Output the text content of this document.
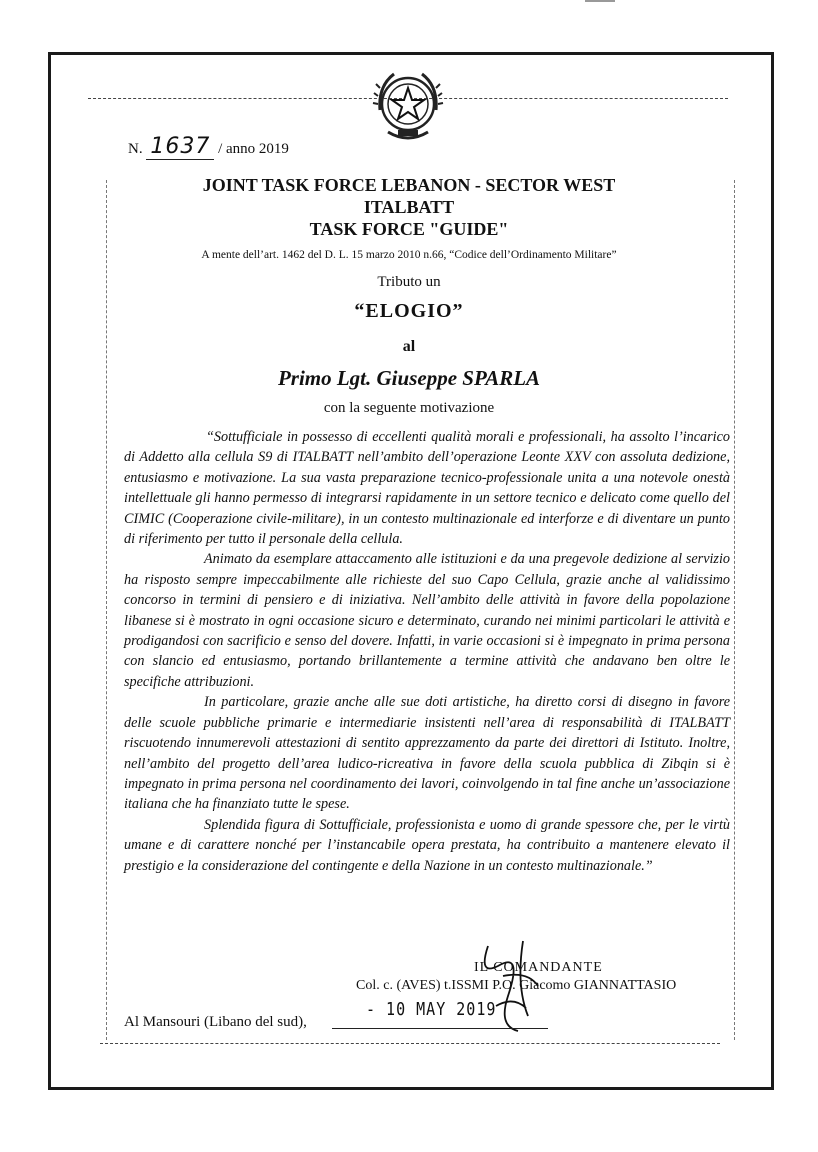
N. 1637 / anno 2019
JOINT TASK FORCE LEBANON - SECTOR WEST
ITALBATT
TASK FORCE "GUIDE"
A mente dell’art. 1462 del D. L. 15 marzo 2010 n.66, “Codice dell’Ordinamento Militare”
Tributo un
“ELOGIO”
al
Primo Lgt. Giuseppe SPARLA
con la seguente motivazione

“Sottufficiale in possesso di eccellenti qualità morali e professionali, ha assolto l’incarico di Addetto alla cellula S9 di ITALBATT nell’ambito dell’operazione Leonte XXV con assoluta dedizione, entusiasmo e motivazione. La sua vasta preparazione tecnico-professionale unita a una notevole onestà intellettuale gli hanno permesso di integrarsi rapidamente in un settore tecnico e delicato come quello del CIMIC (Cooperazione civile-militare), in un contesto multinazionale ed interforze e di diventare un punto di riferimento per tutto il personale della cellula.

Animato da esemplare attaccamento alle istituzioni e da una pregevole dedizione al servizio ha risposto sempre impeccabilmente alle richieste del suo Capo Cellula, grazie anche al validissimo concorso in termini di pensiero e di iniziativa. Nell’ambito delle attività in favore della popolazione libanese si è mostrato in ogni occasione sicuro e determinato, curando nei minimi particolari le attività e prodigandosi con sacrificio e senso del dovere. Infatti, in varie occasioni si è impegnato in prima persona con slancio ed entusiasmo, portando brillantemente a termine attività che andavano ben oltre le specifiche attribuzioni.

In particolare, grazie anche alle sue doti artistiche, ha diretto corsi di disegno in favore delle scuole pubbliche primarie e intermediarie insistenti nell’area di responsabilità di ITALBATT riscuotendo innumerevoli attestazioni di sentito apprezzamento da parte dei direttori di Istituto. Inoltre, nell’ambito del progetto dell’area ludico-ricreativa in favore della scuola pubblica di Zibqin si è impegnato in prima persona nel coordinamento dei lavori, coinvolgendo in tal fine anche un’associazione italiana che ha finanziato tutte le spese.

Splendida figura di Sottufficiale, professionista e uomo di grande spessore che, per le virtù umane e di carattere nonché per l’instancabile opera prestata, ha contribuito a mantenere elevato il prestigio e la considerazione del contingente e della Nazione in un contesto multinazionale.”

IL COMANDANTE
Col. c. (AVES) t.ISSMI P.O. Giacomo GIANNATTASIO
Al Mansouri (Libano del sud),
- 10 MAY 2019
